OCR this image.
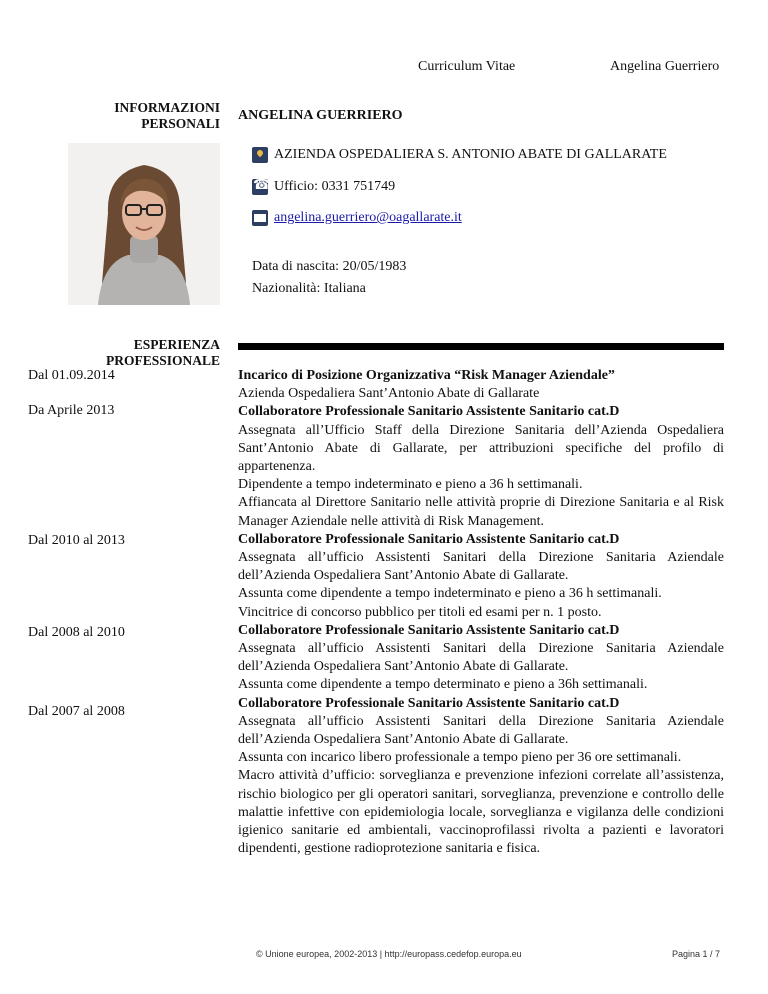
Curriculum Vitae	Angelina Guerriero
INFORMAZIONI
PERSONALI
ANGELINA GUERRIERO
AZIENDA OSPEDALIERA S. ANTONIO ABATE DI GALLARATE
☎
Ufficio: 0331 751749
angelina.guerriero@oagallarate.it
Data di nascita: 20/05/1983
Nazionalità: Italiana
ESPERIENZA
PROFESSIONALE
Dal 01.09.2014
Da Aprile 2013
Dal 2010 al 2013
Dal 2008 al 2010
Dal 2007 al 2008

Incarico di Posizione Organizzativa “Risk Manager Aziendale”

Azienda Ospedaliera Sant’Antonio Abate di Gallarate

Collaboratore Professionale Sanitario Assistente Sanitario cat.D

Assegnata all’Ufficio Staff della Direzione Sanitaria dell’Azienda Ospedaliera Sant’Antonio Abate di Gallarate, per attribuzioni specifiche del profilo di appartenenza.

Dipendente a tempo indeterminato e pieno a 36 h settimanali.

Affiancata al Direttore Sanitario nelle attività proprie di Direzione Sanitaria e al Risk Manager Aziendale nelle attività di Risk Management.

Collaboratore Professionale Sanitario Assistente Sanitario cat.D

Assegnata all’ufficio Assistenti Sanitari della Direzione Sanitaria Aziendale dell’Azienda Ospedaliera Sant’Antonio Abate di Gallarate.

Assunta come dipendente a tempo indeterminato e pieno a 36 h settimanali.

Vincitrice di concorso pubblico per titoli ed esami per n. 1 posto.

Collaboratore Professionale Sanitario Assistente Sanitario cat.D

Assegnata all’ufficio Assistenti Sanitari della Direzione Sanitaria Aziendale dell’Azienda Ospedaliera Sant’Antonio Abate di Gallarate.

Assunta come dipendente a tempo determinato e pieno a 36h settimanali.

Collaboratore Professionale Sanitario Assistente Sanitario cat.D

Assegnata all’ufficio Assistenti Sanitari della Direzione Sanitaria Aziendale dell’Azienda Ospedaliera Sant’Antonio Abate di Gallarate.

Assunta con incarico libero professionale a tempo pieno per 36 ore settimanali.

Macro attività d’ufficio: sorveglianza e prevenzione infezioni correlate all’assistenza, rischio biologico per gli operatori sanitari, sorveglianza, prevenzione e controllo delle malattie infettive con epidemiologia locale, sorveglianza e vigilanza delle condizioni igienico sanitarie ed ambientali, vaccinoprofilassi rivolta a pazienti e lavoratori dipendenti, gestione radioprotezione sanitaria e fisica.

© Unione europea, 2002-2013 | http://europass.cedefop.europa.eu	Pagina 1 / 7
